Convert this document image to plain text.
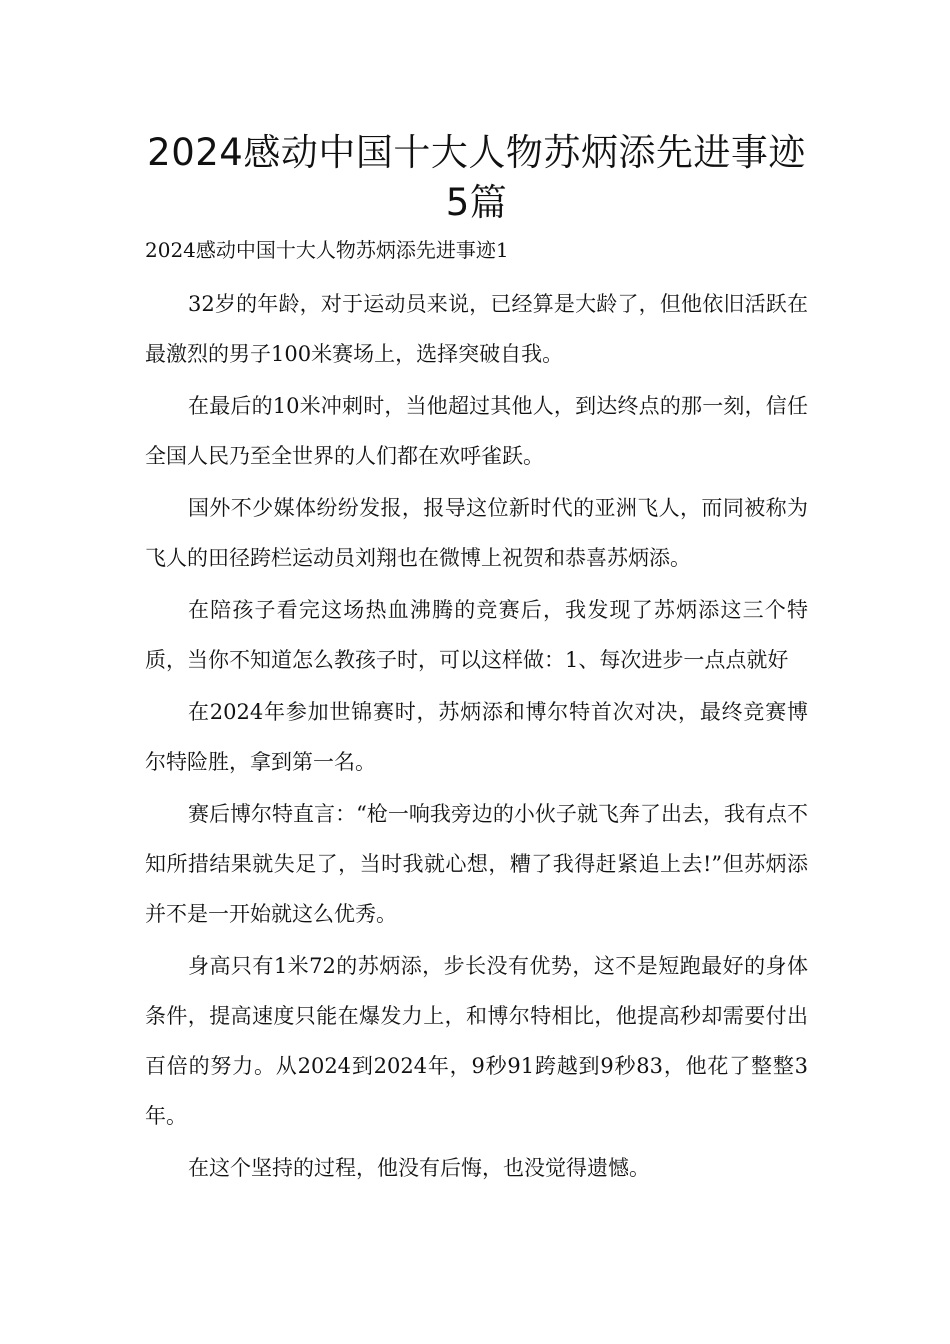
2024感动中国十大人物苏炳添先进事迹5篇
2024感动中国十大人物苏炳添先进事迹1

32岁的年龄，对于运动员来说，已经算是大龄了，但他依旧活跃在最激烈的男子100米赛场上，选择突破自我。

在最后的10米冲刺时，当他超过其他人，到达终点的那一刻，信任全国人民乃至全世界的人们都在欢呼雀跃。

国外不少媒体纷纷发报，报导这位新时代的亚洲飞人，而同被称为飞人的田径跨栏运动员刘翔也在微博上祝贺和恭喜苏炳添。

在陪孩子看完这场热血沸腾的竞赛后，我发现了苏炳添这三个特质，当你不知道怎么教孩子时，可以这样做：1、每次进步一点点就好

在2024年参加世锦赛时，苏炳添和博尔特首次对决，最终竞赛博尔特险胜，拿到第一名。

赛后博尔特直言：“枪一响我旁边的小伙子就飞奔了出去，我有点不知所措结果就失足了，当时我就心想，糟了我得赶紧追上去!”但苏炳添并不是一开始就这么优秀。

身高只有1米72的苏炳添，步长没有优势，这不是短跑最好的身体条件，提高速度只能在爆发力上，和博尔特相比，他提高秒却需要付出百倍的努力。从2024到2024年，9秒91跨越到9秒83，他花了整整3年。

在这个坚持的过程，他没有后悔，也没觉得遗憾。
